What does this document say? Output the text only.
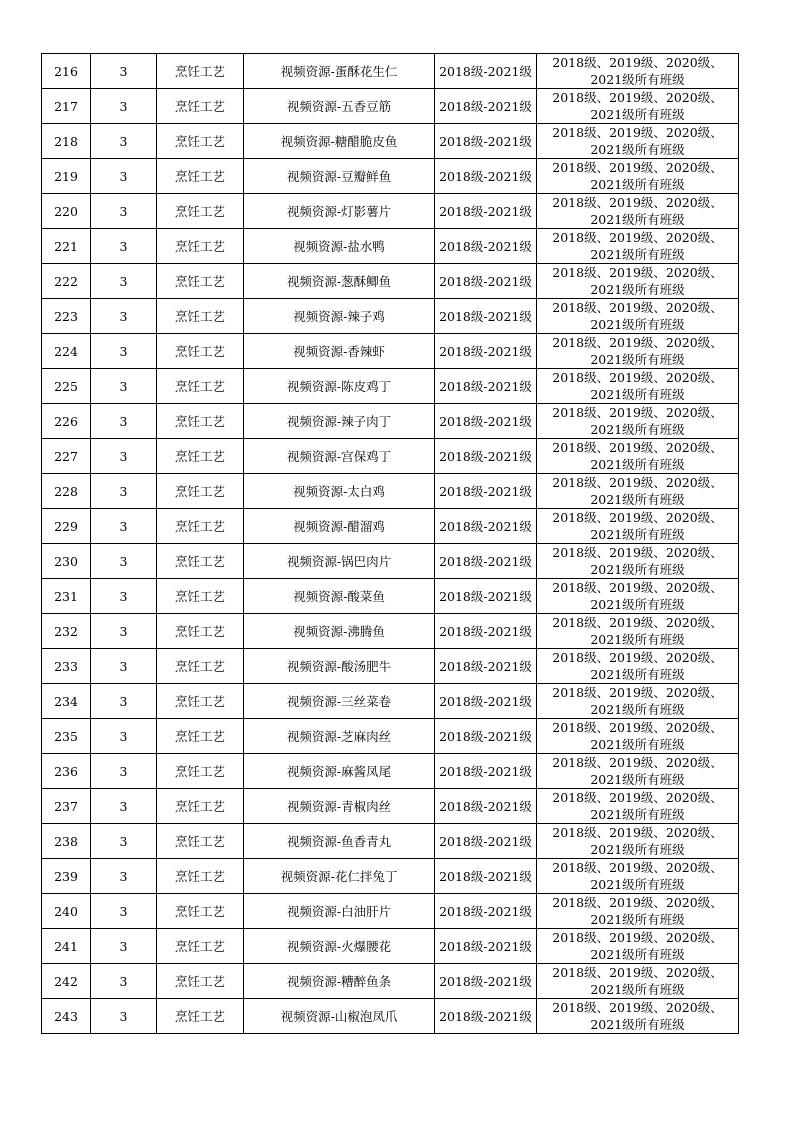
216	3	烹饪工艺	视频资源-蛋酥花生仁	2018级-2021级	2018级、2019级、2020级、
2021级所有班级

217	3	烹饪工艺	视频资源-五香豆筋	2018级-2021级	2018级、2019级、2020级、
2021级所有班级

218	3	烹饪工艺	视频资源-糖醋脆皮鱼	2018级-2021级	2018级、2019级、2020级、
2021级所有班级

219	3	烹饪工艺	视频资源-豆瓣鲜鱼	2018级-2021级	2018级、2019级、2020级、
2021级所有班级

220	3	烹饪工艺	视频资源-灯影薯片	2018级-2021级	2018级、2019级、2020级、
2021级所有班级

221	3	烹饪工艺	视频资源-盐水鸭	2018级-2021级	2018级、2019级、2020级、
2021级所有班级

222	3	烹饪工艺	视频资源-葱酥鲫鱼	2018级-2021级	2018级、2019级、2020级、
2021级所有班级

223	3	烹饪工艺	视频资源-辣子鸡	2018级-2021级	2018级、2019级、2020级、
2021级所有班级

224	3	烹饪工艺	视频资源-香辣虾	2018级-2021级	2018级、2019级、2020级、
2021级所有班级

225	3	烹饪工艺	视频资源-陈皮鸡丁	2018级-2021级	2018级、2019级、2020级、
2021级所有班级

226	3	烹饪工艺	视频资源-辣子肉丁	2018级-2021级	2018级、2019级、2020级、
2021级所有班级

227	3	烹饪工艺	视频资源-宫保鸡丁	2018级-2021级	2018级、2019级、2020级、
2021级所有班级

228	3	烹饪工艺	视频资源-太白鸡	2018级-2021级	2018级、2019级、2020级、
2021级所有班级

229	3	烹饪工艺	视频资源-醋溜鸡	2018级-2021级	2018级、2019级、2020级、
2021级所有班级

230	3	烹饪工艺	视频资源-锅巴肉片	2018级-2021级	2018级、2019级、2020级、
2021级所有班级

231	3	烹饪工艺	视频资源-酸菜鱼	2018级-2021级	2018级、2019级、2020级、
2021级所有班级

232	3	烹饪工艺	视频资源-沸腾鱼	2018级-2021级	2018级、2019级、2020级、
2021级所有班级

233	3	烹饪工艺	视频资源-酸汤肥牛	2018级-2021级	2018级、2019级、2020级、
2021级所有班级

234	3	烹饪工艺	视频资源-三丝菜卷	2018级-2021级	2018级、2019级、2020级、
2021级所有班级

235	3	烹饪工艺	视频资源-芝麻肉丝	2018级-2021级	2018级、2019级、2020级、
2021级所有班级

236	3	烹饪工艺	视频资源-麻酱凤尾	2018级-2021级	2018级、2019级、2020级、
2021级所有班级

237	3	烹饪工艺	视频资源-青椒肉丝	2018级-2021级	2018级、2019级、2020级、
2021级所有班级

238	3	烹饪工艺	视频资源-鱼香青丸	2018级-2021级	2018级、2019级、2020级、
2021级所有班级

239	3	烹饪工艺	视频资源-花仁拌兔丁	2018级-2021级	2018级、2019级、2020级、
2021级所有班级

240	3	烹饪工艺	视频资源-白油肝片	2018级-2021级	2018级、2019级、2020级、
2021级所有班级

241	3	烹饪工艺	视频资源-火爆腰花	2018级-2021级	2018级、2019级、2020级、
2021级所有班级

242	3	烹饪工艺	视频资源-糟醉鱼条	2018级-2021级	2018级、2019级、2020级、
2021级所有班级

243	3	烹饪工艺	视频资源-山椒泡凤爪	2018级-2021级	2018级、2019级、2020级、
2021级所有班级
